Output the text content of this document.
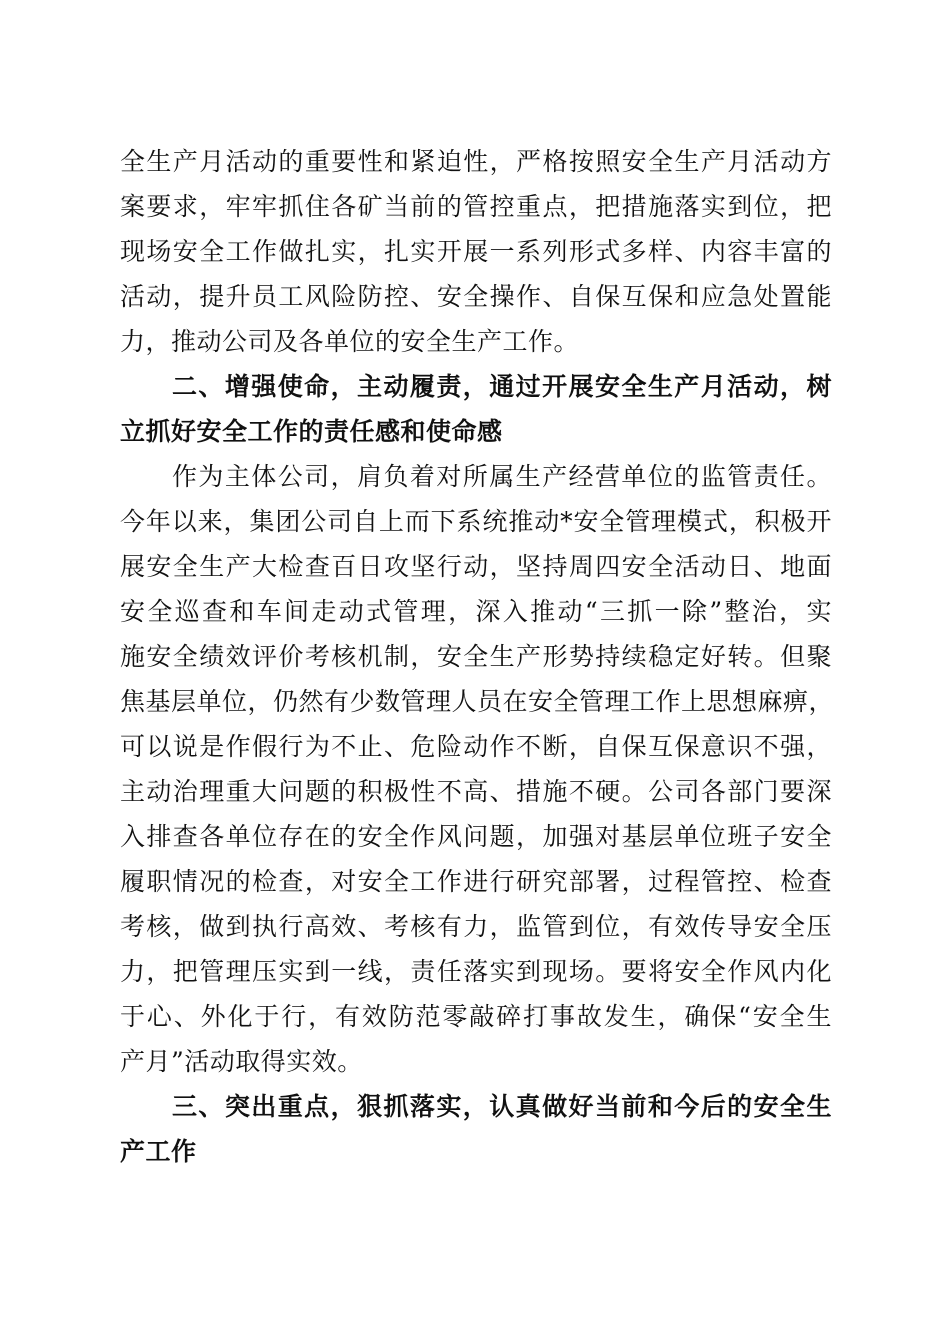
全生产月活动的重要性和紧迫性，严格按照安全生产月活动方
案要求，牢牢抓住各矿当前的管控重点，把措施落实到位，把
现场安全工作做扎实，扎实开展一系列形式多样、内容丰富的
活动，提升员工风险防控、安全操作、自保互保和应急处置能
力，推动公司及各单位的安全生产工作。
二、增强使命，主动履责，通过开展安全生产月活动，树
立抓好安全工作的责任感和使命感
作为主体公司，肩负着对所属生产经营单位的监管责任。
今年以来，集团公司自上而下系统推动*安全管理模式，积极开
展安全生产大检查百日攻坚行动，坚持周四安全活动日、地面
安全巡查和车间走动式管理，深入推动“三抓一除”整治，实
施安全绩效评价考核机制，安全生产形势持续稳定好转。但聚
焦基层单位，仍然有少数管理人员在安全管理工作上思想麻痹，
可以说是作假行为不止、危险动作不断，自保互保意识不强，
主动治理重大问题的积极性不高、措施不硬。公司各部门要深
入排查各单位存在的安全作风问题，加强对基层单位班子安全
履职情况的检查，对安全工作进行研究部署，过程管控、检查
考核，做到执行高效、考核有力，监管到位，有效传导安全压
力，把管理压实到一线，责任落实到现场。要将安全作风内化
于心、外化于行，有效防范零敲碎打事故发生，确保“安全生
产月”活动取得实效。
三、突出重点，狠抓落实，认真做好当前和今后的安全生
产工作
